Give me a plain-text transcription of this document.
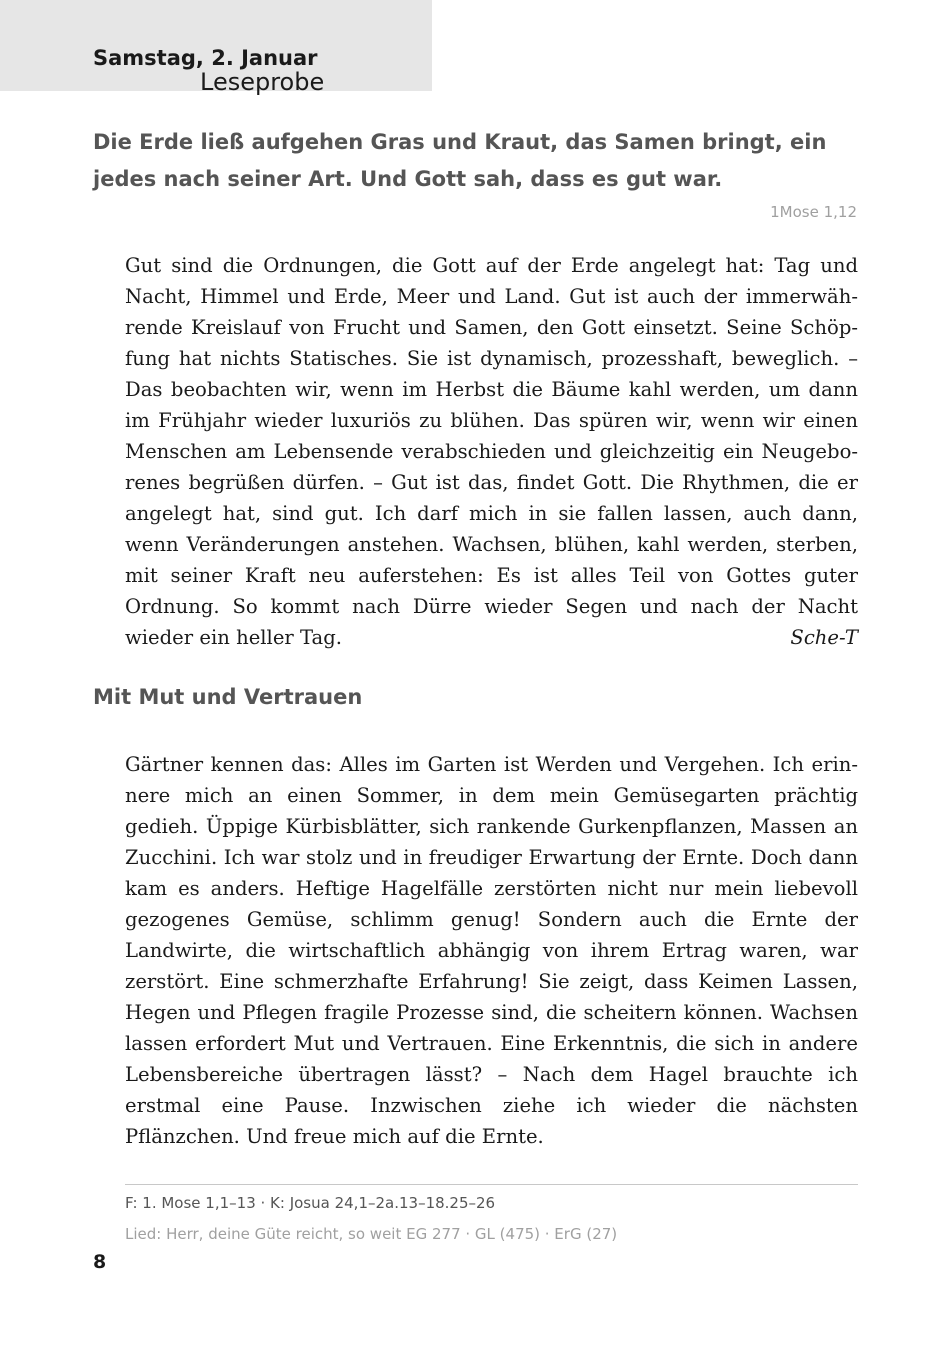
Samstag, 2. Januar
Leseprobe
Die Erde ließ aufgehen Gras und Kraut, das Samen bringt, ein jedes nach seiner Art. Und Gott sah, dass es gut war.
1Mose 1,12
Gut sind die Ordnungen, die Gott auf der Erde angelegt hat: Tag und Nacht, Himmel und Erde, Meer und Land. Gut ist auch der immerwährende Kreislauf von Frucht und Samen, den Gott einsetzt. Seine Schöpfung hat nichts Statisches. Sie ist dynamisch, prozesshaft, beweglich. – Das beobachten wir, wenn im Herbst die Bäume kahl werden, um dann im Frühjahr wieder luxuriös zu blühen. Das spüren wir, wenn wir einen Menschen am Lebensende verabschieden und gleichzeitig ein Neugeborenes begrüßen dürfen. – Gut ist das, findet Gott. Die Rhythmen, die er angelegt hat, sind gut. Ich darf mich in sie fallen lassen, auch dann, wenn Veränderungen anstehen. Wachsen, blühen, kahl werden, sterben, mit seiner Kraft neu auferstehen: Es ist alles Teil von Gottes guter Ordnung. So kommt nach Dürre wieder Segen und nach der Nacht wieder ein heller Tag.	Sche-T
Mit Mut und Vertrauen
Gärtner kennen das: Alles im Garten ist Werden und Vergehen. Ich erinnere mich an einen Sommer, in dem mein Gemüsegarten prächtig gedieh. Üppige Kürbisblätter, sich rankende Gurkenpflanzen, Massen an Zucchini. Ich war stolz und in freudiger Erwartung der Ernte. Doch dann kam es anders. Heftige Hagelfälle zerstörten nicht nur mein liebevoll gezogenes Gemüse, schlimm genug! Sondern auch die Ernte der Landwirte, die wirtschaftlich abhängig von ihrem Ertrag waren, war zerstört. Eine schmerzhafte Erfahrung! Sie zeigt, dass Keimen Lassen, Hegen und Pflegen fragile Prozesse sind, die scheitern können. Wachsen lassen erfordert Mut und Vertrauen. Eine Erkenntnis, die sich in andere Lebensbereiche übertragen lässt? – Nach dem Hagel brauchte ich erstmal eine Pause. Inzwischen ziehe ich wieder die nächsten Pflänzchen. Und freue mich auf die Ernte.
F: 1. Mose 1,1–13 · K: Josua 24,1–2a.13–18.25–26
Lied: Herr, deine Güte reicht, so weit EG 277 · GL (475) · ErG (27)
8
